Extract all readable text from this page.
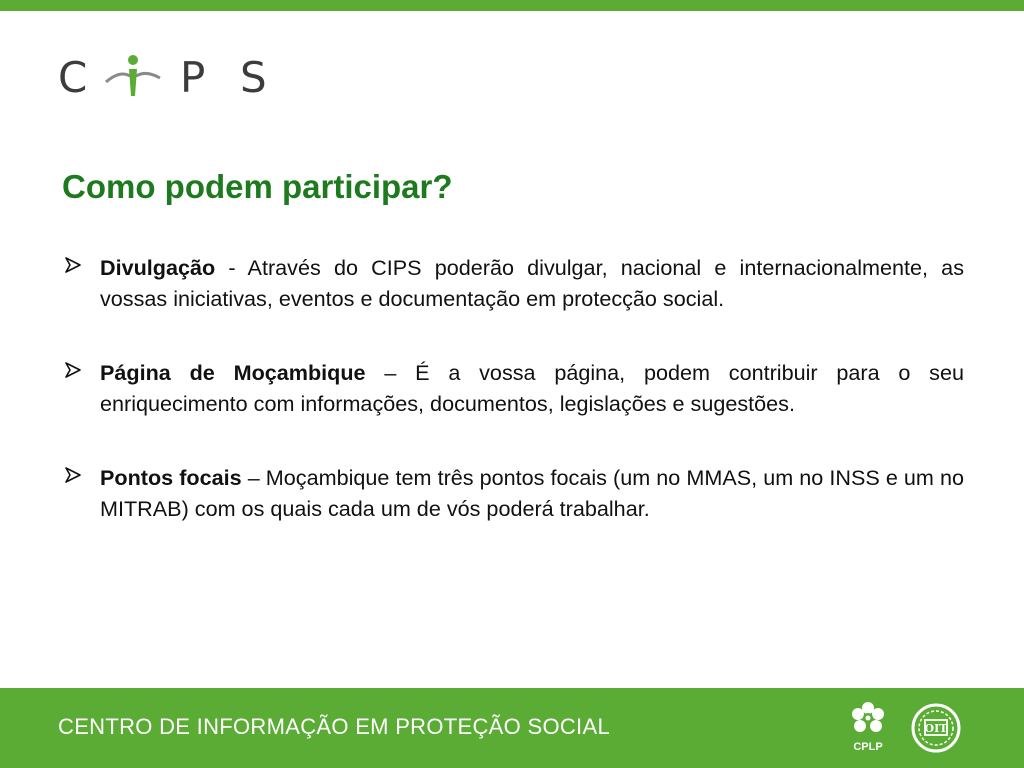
C P S
Como podem participar?

Divulgação - Através do CIPS poderão divulgar, nacional e internacionalmente, as vossas iniciativas, eventos e documentação em protecção social.

Página de Moçambique – É a vossa página, podem contribuir para o seu enriquecimento com informações, documentos, legislações e sugestões.

Pontos focais – Moçambique tem três pontos focais (um no MMAS, um no INSS e um no MITRAB) com os quais cada um de vós poderá trabalhar.

CENTRO DE INFORMAÇÃO EM PROTEÇÃO SOCIAL
CPLP
OIT
